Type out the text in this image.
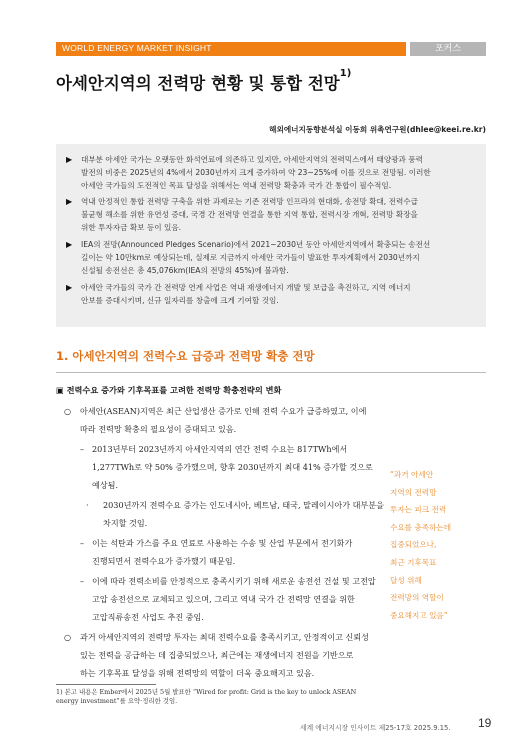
WORLD ENERGY MARKET INSIGHT	포커스
아세안지역의 전력망 현황 및 통합 전망$^{1)}$
해외에너지동향분석실 이동희 위촉연구원(dhlee@keei.re.kr)
▶	대부분 아세안 국가는 오랫동안 화석연료에 의존하고 있지만, 아세안지역의 전력믹스에서 태양광과 풍력
발전의 비중은 2025년의 4%에서 2030년까지 크게 증가하여 약 23~25%에 이를 것으로 전망됨. 이러한
아세안 국가들의 도전적인 목표 달성을 위해서는 역내 전력망 확충과 국가 간 통합이 필수적임.
▶	역내 안정적인 통합 전력망 구축을 위한 과제로는 기존 전력망 인프라의 현대화, 송전망 확대, 전력수급
불균형 해소를 위한 유연성 증대, 국경 간 전력망 연결을 통한 지역 통합, 전력시장 개혁, 전력망 확장을
위한 투자자금 확보 등이 있음.
▶	IEA의 전망(Announced Pledges Scenario)에서 2021~2030년 동안 아세안지역에서 확충되는 송전선
길이는 약 10만km로 예상되는데, 실제로 지금까지 아세안 국가들이 발표한 투자계획에서 2030년까지
신설될 송전선은 총 45,076km(IEA의 전망의 45%)에 불과함.
▶	아세안 국가들의 국가 간 전력망 연계 사업은 역내 재생에너지 개발 및 보급을 촉진하고, 지역 에너지
안보를 증대시키며, 신규 일자리를 창출에 크게 기여할 것임.
1. 아세안지역의 전력수요 급증과 전력망 확충 전망
▣ 전력수요 증가와 기후목표를 고려한 전력망 확충전략의 변화
○ 아세안(ASEAN)지역은 최근 산업생산 증가로 인해 전력 수요가 급증하였고, 이에
따라 전력망 확충의 필요성이 증대되고 있음.
– 2013년부터 2023년까지 아세안지역의 연간 전력 수요는 817TWh에서
1,277TWh로 약 50% 증가했으며, 향후 2030년까지 최대 41% 증가할 것으로
예상됨.
· 2030년까지 전력수요 증가는 인도네시아, 베트남, 태국, 말레이시아가 대부분을
차지할 것임.
– 이는 석탄과 가스를 주요 연료로 사용하는 수송 및 산업 부문에서 전기화가
진행되면서 전력수요가 증가했기 때문임.
– 이에 따라 전력소비를 안정적으로 충족시키기 위해 새로운 송전선 건설 및 고전압
고압 송전선으로 교체되고 있으며, 그리고 역내 국가 간 전력망 연결을 위한
고압직류송전 사업도 추진 중임.
○ 과거 아세안지역의 전력망 투자는 최대 전력수요를 충족시키고, 안정적이고 신뢰성
있는 전력을 공급하는 데 집중되었으나, 최근에는 재생에너지 전원을 기반으로
하는 기후목표 달성을 위해 전력망의 역할이 더욱 중요해지고 있음.
“과거 아세안
지역의 전력망
투자는 피크 전력
수요를 충족하는데
집중되었으나,
최근 기후목표
달성 위해
전력망의 역할이
중요해지고 있음”
1) 본고 내용은 Ember에서 2025년 5월 발표한 “Wired for profit: Grid is the key to unlock ASEAN
energy investment”를 요약·정리한 것임.
세계 에너지시장 인사이트 제25-17호 2025.9.15. 19
